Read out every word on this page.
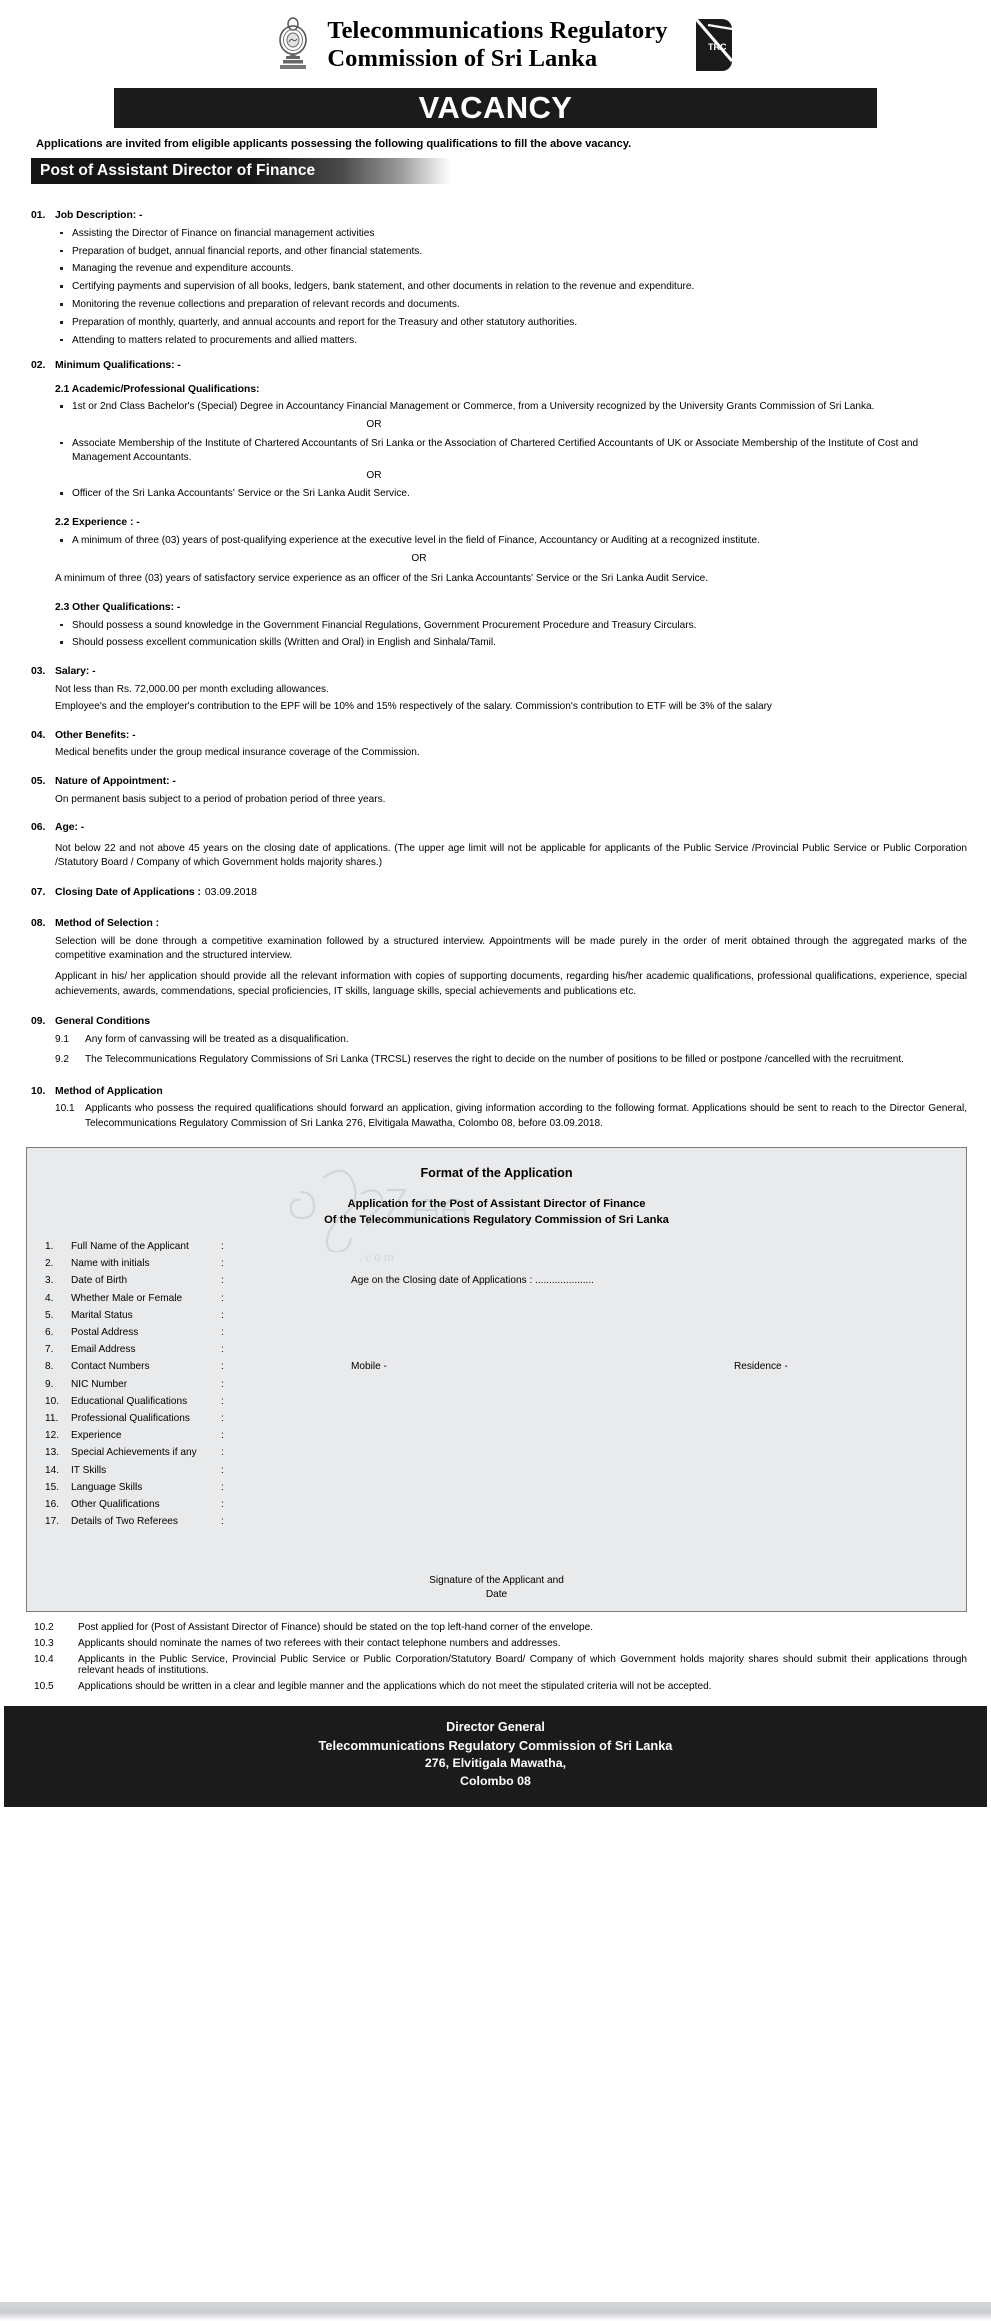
Telecommunications Regulatory
Commission of Sri Lanka	TRC
VACANCY
Applications are invited from eligible applicants possessing the following qualifications to fill the above vacancy.
Post of Assistant Director of Finance
01. Job Description: -
Assisting the Director of Finance on financial management activities
Preparation of budget, annual financial reports, and other financial statements.
Managing the revenue and expenditure accounts.
Certifying payments and supervision of all books, ledgers, bank statement, and other documents in relation to the revenue and expenditure.
Monitoring the revenue collections and preparation of relevant records and documents.
Preparation of monthly, quarterly, and annual accounts and report for the Treasury and other statutory authorities.
Attending to matters related to procurements and allied matters.
02. Minimum Qualifications: -
2.1 Academic/Professional Qualifications:
1st or 2nd Class Bachelor's (Special) Degree in Accountancy Financial Management or Commerce, from a University recognized by the University Grants Commission of Sri Lanka.
OR
Associate Membership of the Institute of Chartered Accountants of Sri Lanka or the Association of Chartered Certified Accountants of UK or Associate Membership of the Institute of Cost and Management Accountants.
OR
Officer of the Sri Lanka Accountants' Service or the Sri Lanka Audit Service.
2.2 Experience : -
A minimum of three (03) years of post-qualifying experience at the executive level in the field of Finance, Accountancy or Auditing at a recognized institute.
OR
A minimum of three (03) years of satisfactory service experience as an officer of the Sri Lanka Accountants' Service or the Sri Lanka Audit Service.
2.3 Other Qualifications: -
Should possess a sound knowledge in the Government Financial Regulations, Government Procurement Procedure and Treasury Circulars.
Should possess excellent communication skills (Written and Oral) in English and Sinhala/Tamil.
03. Salary: -
Not less than Rs. 72,000.00 per month excluding allowances.
Employee's and the employer's contribution to the EPF will be 10% and 15% respectively of the salary. Commission's contribution to ETF will be 3% of the salary
04. Other Benefits: -
Medical benefits under the group medical insurance coverage of the Commission.
05. Nature of Appointment: -
On permanent basis subject to a period of probation period of three years.
06. Age: -
Not below 22 and not above 45 years on the closing date of applications. (The upper age limit will not be applicable for applicants of the Public Service /Provincial Public Service or Public Corporation /Statutory Board / Company of which Government holds majority shares.)
07. Closing Date of Applications : 03.09.2018
08. Method of Selection :
Selection will be done through a competitive examination followed by a structured interview. Appointments will be made purely in the order of merit obtained through the aggregated marks of the competitive examination and the structured interview.
Applicant in his/ her application should provide all the relevant information with copies of supporting documents, regarding his/her academic qualifications, professional qualifications, experience, special achievements, awards, commendations, special proficiencies, IT skills, language skills, special achievements and publications etc.
09. General Conditions
9.1	Any form of canvassing will be treated as a disqualification.
9.2	The Telecommunications Regulatory Commissions of Sri Lanka (TRCSL) reserves the right to decide on the number of positions to be filled or postpone /cancelled with the recruitment.
10. Method of Application
10.1	Applicants who possess the required qualifications should forward an application, giving information according to the following format. Applications should be sent to reach to the Director General, Telecommunications Regulatory Commission of Sri Lanka 276, Elvitigala Mawatha, Colombo 08, before 03.09.2018.
Format of the Application
Application for the Post of Assistant Director of Finance
Of the Telecommunications Regulatory Commission of Sri Lanka
1.	Full Name of the Applicant	:		
2.	Name with initials	:		
3.	Date of Birth	:	Age on the Closing date of Applications : .....................	
4.	Whether Male or Female	:		
5.	Marital Status	:		
6.	Postal Address	:		
7.	Email Address	:		
8.	Contact Numbers	:	Mobile -	Residence -
9.	NIC Number	:		
10.	Educational Qualifications	:		
11.	Professional Qualifications	:		
12.	Experience	:		
13.	Special Achievements if any	:		
14.	IT Skills	:		
15.	Language Skills	:		
16.	Other Qualifications	:		
17.	Details of Two Referees	:		
Signature of the Applicant and
Date
10.2	Post applied for (Post of Assistant Director of Finance) should be stated on the top left-hand corner of the envelope.
10.3	Applicants should nominate the names of two referees with their contact telephone numbers and addresses.
10.4	Applicants in the Public Service, Provincial Public Service or Public Corporation/Statutory Board/ Company of which Government holds majority shares should submit their applications through relevant heads of institutions.
10.5	Applications should be written in a clear and legible manner and the applications which do not meet the stipulated criteria will not be accepted.
Director General
Telecommunications Regulatory Commission of Sri Lanka
276, Elvitigala Mawatha,
Colombo 08
.com
